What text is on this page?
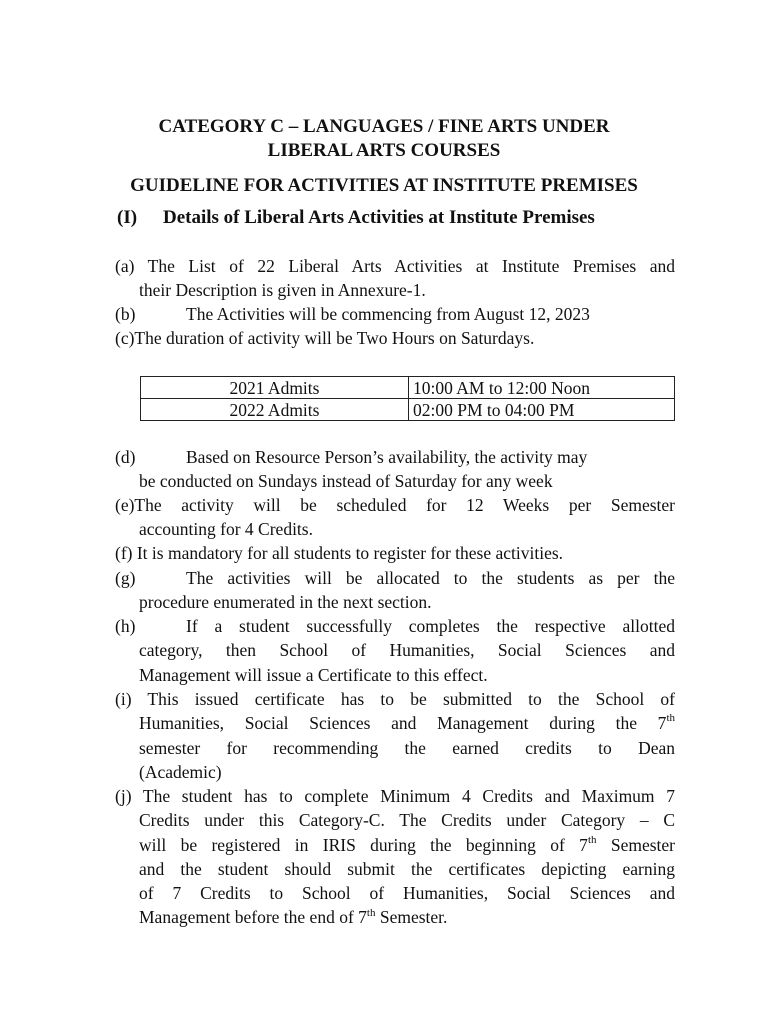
CATEGORY C – LANGUAGES / FINE ARTS UNDER
LIBERAL ARTS COURSES
GUIDELINE FOR ACTIVITIES AT INSTITUTE PREMISES
(I) Details of Liberal Arts Activities at Institute Premises
(a) The List of 22 Liberal Arts Activities at Institute Premises and
their Description is given in Annexure-1.
(b)	The Activities will be commencing from August 12, 2023
(c)The duration of activity will be Two Hours on Saturdays.
2021 Admits	10:00 AM to 12:00 Noon
2022 Admits	02:00 PM to 04:00 PM
(d)	Based on Resource Person’s availability, the activity may
be conducted on Sundays instead of Saturday for any week
(e)The activity will be scheduled for 12 Weeks per Semester
accounting for 4 Credits.
(f) It is mandatory for all students to register for these activities.
(g)	The activities will be allocated to the students as per the
procedure enumerated in the next section.
(h)	If a student successfully completes the respective allotted
category, then School of Humanities, Social Sciences and
Management will issue a Certificate to this effect.
(i) This issued certificate has to be submitted to the School of
Humanities, Social Sciences and Management during the 7th
semester for recommending the earned credits to Dean
(Academic)
(j) The student has to complete Minimum 4 Credits and Maximum 7
Credits under this Category-C. The Credits under Category – C
will be registered in IRIS during the beginning of 7th Semester
and the student should submit the certificates depicting earning
of 7 Credits to School of Humanities, Social Sciences and
Management before the end of 7th Semester.
